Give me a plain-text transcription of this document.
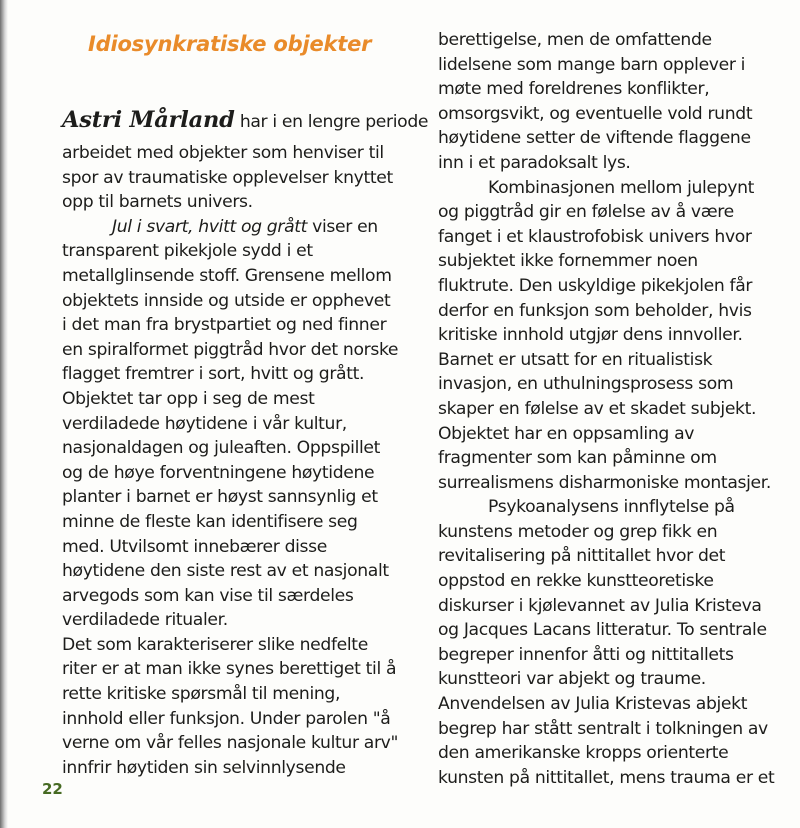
Idiosynkratiske objekter
Astri Mårland har i en lengre periode
arbeidet med objekter som henviser til
spor av traumatiske opplevelser knyttet
opp til barnets univers.
Jul i svart, hvitt og grått viser en
transparent pikekjole sydd i et
metallglinsende stoff. Grensene mellom
objektets innside og utside er opphevet
i det man fra brystpartiet og ned finner
en spiralformet piggtråd hvor det norske
flagget fremtrer i sort, hvitt og grått.
Objektet tar opp i seg de mest
verdiladede høytidene i vår kultur,
nasjonaldagen og juleaften. Oppspillet
og de høye forventningene høytidene
planter i barnet er høyst sannsynlig et
minne de fleste kan identifisere seg
med. Utvilsomt innebærer disse
høytidene den siste rest av et nasjonalt
arvegods som kan vise til særdeles
verdiladede ritualer.
Det som karakteriserer slike nedfelte
riter er at man ikke synes berettiget til å
rette kritiske spørsmål til mening,
innhold eller funksjon. Under parolen "å
verne om vår felles nasjonale kultur arv"
innfrir høytiden sin selvinnlysende
berettigelse, men de omfattende
lidelsene som mange barn opplever i
møte med foreldrenes konflikter,
omsorgsvikt, og eventuelle vold rundt
høytidene setter de viftende flaggene
inn i et paradoksalt lys.
Kombinasjonen mellom julepynt
og piggtråd gir en følelse av å være
fanget i et klaustrofobisk univers hvor
subjektet ikke fornemmer noen
fluktrute. Den uskyldige pikekjolen får
derfor en funksjon som beholder, hvis
kritiske innhold utgjør dens innvoller.
Barnet er utsatt for en ritualistisk
invasjon, en uthulningsprosess som
skaper en følelse av et skadet subjekt.
Objektet har en oppsamling av
fragmenter som kan påminne om
surrealismens disharmoniske montasjer.
Psykoanalysens innflytelse på
kunstens metoder og grep fikk en
revitalisering på nittitallet hvor det
oppstod en rekke kunstteoretiske
diskurser i kjølevannet av Julia Kristeva
og Jacques Lacans litteratur. To sentrale
begreper innenfor åtti og nittitallets
kunstteori var abjekt og traume.
Anvendelsen av Julia Kristevas abjekt
begrep har stått sentralt i tolkningen av
den amerikanske kropps orienterte
kunsten på nittitallet, mens trauma er et
22
